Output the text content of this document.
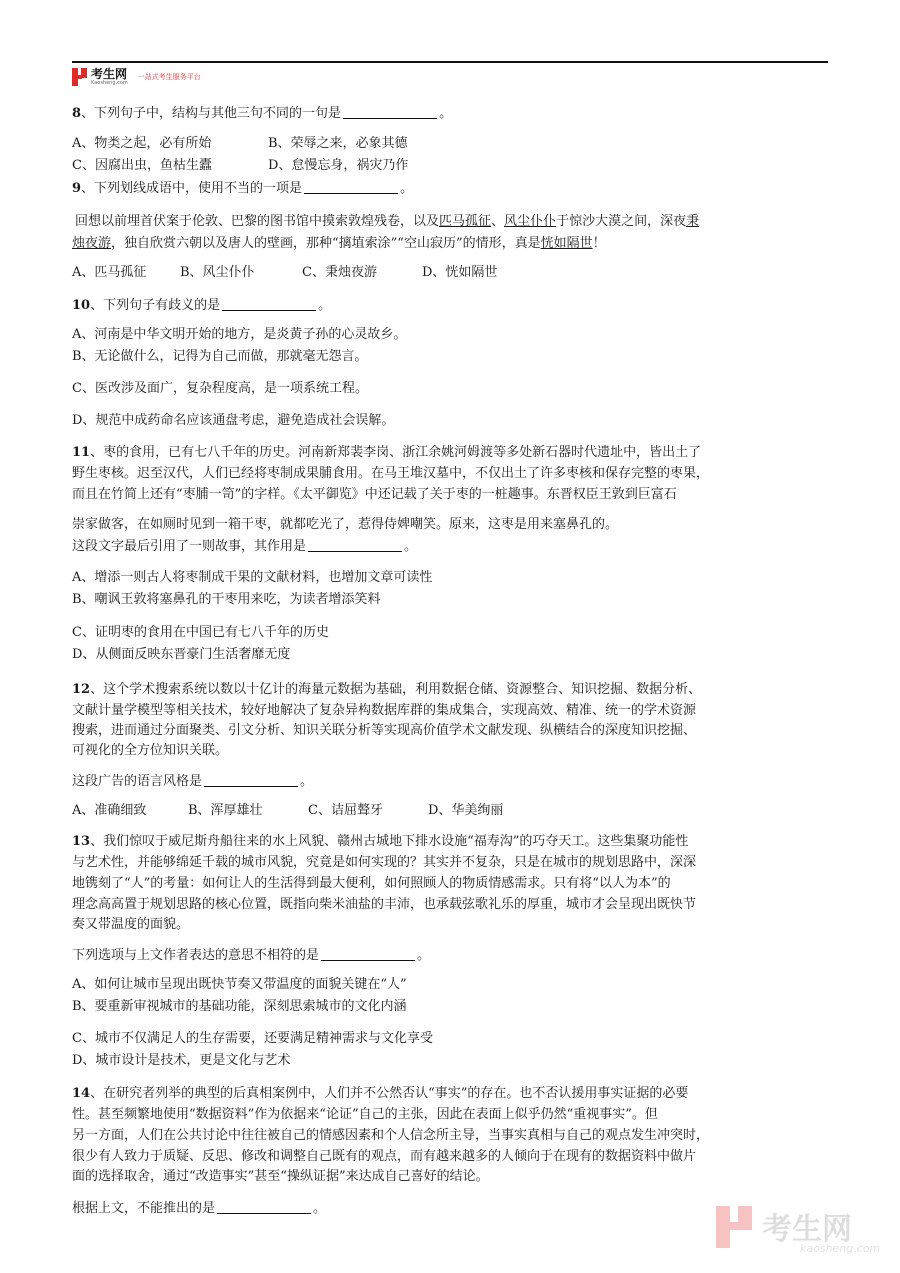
考生网
Kaosheng.com
一站式考生服务平台
8、下列句子中，结构与其他三句不同的一句是	。
A、物类之起，必有所始	B、荣辱之来，必象其德
C、因腐出虫，鱼枯生蠹	D、怠慢忘身，祸灾乃作
9、下列划线成语中，使用不当的一项是	。
回想以前埋首伏案于伦敦、巴黎的图书馆中摸索敦煌残卷，以及匹马孤征、风尘仆仆于惊沙大漠之间，深夜秉
烛夜游，独自欣赏六朝以及唐人的壁画，那种“摛埴索涂”“空山寂历”的情形，真是恍如隔世！
A、匹马孤征	B、风尘仆仆	C、秉烛夜游	D、恍如隔世
10、下列句子有歧义的是	。
A、河南是中华文明开始的地方，是炎黄子孙的心灵故乡。
B、无论做什么，记得为自己而做，那就毫无怨言。
C、医改涉及面广，复杂程度高，是一项系统工程。
D、规范中成药命名应该通盘考虑，避免造成社会误解。
11、枣的食用，已有七八千年的历史。河南新郑裴李岗、浙江余姚河姆渡等多处新石器时代遗址中，皆出土了
野生枣核。迟至汉代，人们已经将枣制成果脯食用。在马王堆汉墓中，不仅出土了许多枣核和保存完整的枣果，
而且在竹简上还有“枣脯一笥”的字样。《太平御览》中还记载了关于枣的一桩趣事。东晋权臣王敦到巨富石
崇家做客，在如厕时见到一箱干枣，就都吃光了，惹得侍婢嘲笑。原来，这枣是用来塞鼻孔的。
这段文字最后引用了一则故事，其作用是	。
A、增添一则古人将枣制成干果的文献材料，也增加文章可读性
B、嘲讽王敦将塞鼻孔的干枣用来吃，为读者增添笑料
C、证明枣的食用在中国已有七八千年的历史
D、从侧面反映东晋豪门生活奢靡无度
12、这个学术搜索系统以数以十亿计的海量元数据为基础，利用数据仓储、资源整合、知识挖掘、数据分析、
文献计量学模型等相关技术，较好地解决了复杂异构数据库群的集成集合，实现高效、精准、统一的学术资源
搜索，进而通过分面聚类、引文分析、知识关联分析等实现高价值学术文献发现、纵横结合的深度知识挖掘、
可视化的全方位知识关联。
这段广告的语言风格是	。
A、准确细致	B、浑厚雄壮	C、诘屈聱牙	D、华美绚丽
13、我们惊叹于威尼斯舟船往来的水上风貌、赣州古城地下排水设施“福寿沟”的巧夺天工。这些集聚功能性
与艺术性，并能够绵延千载的城市风貌，究竟是如何实现的？其实并不复杂，只是在城市的规划思路中，深深
地镌刻了“人”的考量：如何让人的生活得到最大便利，如何照顾人的物质情感需求。只有将“以人为本”的
理念高高置于规划思路的核心位置，既指向柴米油盐的丰沛，也承载弦歌礼乐的厚重，城市才会呈现出既快节
奏又带温度的面貌。
下列选项与上文作者表达的意思不相符的是	。
A、如何让城市呈现出既快节奏又带温度的面貌关键在“人”
B、要重新审视城市的基础功能，深刻思索城市的文化内涵
C、城市不仅满足人的生存需要，还要满足精神需求与文化享受
D、城市设计是技术，更是文化与艺术
14、在研究者列举的典型的后真相案例中，人们并不公然否认“事实”的存在。也不否认援用事实证据的必要
性。甚至频繁地使用“数据资料”作为依据来“论证”自己的主张，因此在表面上似乎仍然“重视事实”。但
另一方面，人们在公共讨论中往往被自己的情感因素和个人信念所主导，当事实真相与自己的观点发生冲突时，
很少有人致力于质疑、反思、修改和调整自己既有的观点，而有越来越多的人倾向于在现有的数据资料中做片
面的选择取舍，通过“改造事实”甚至“操纵证据”来达成自己喜好的结论。
根据上文，不能推出的是	。
考生网
kaosheng.com
